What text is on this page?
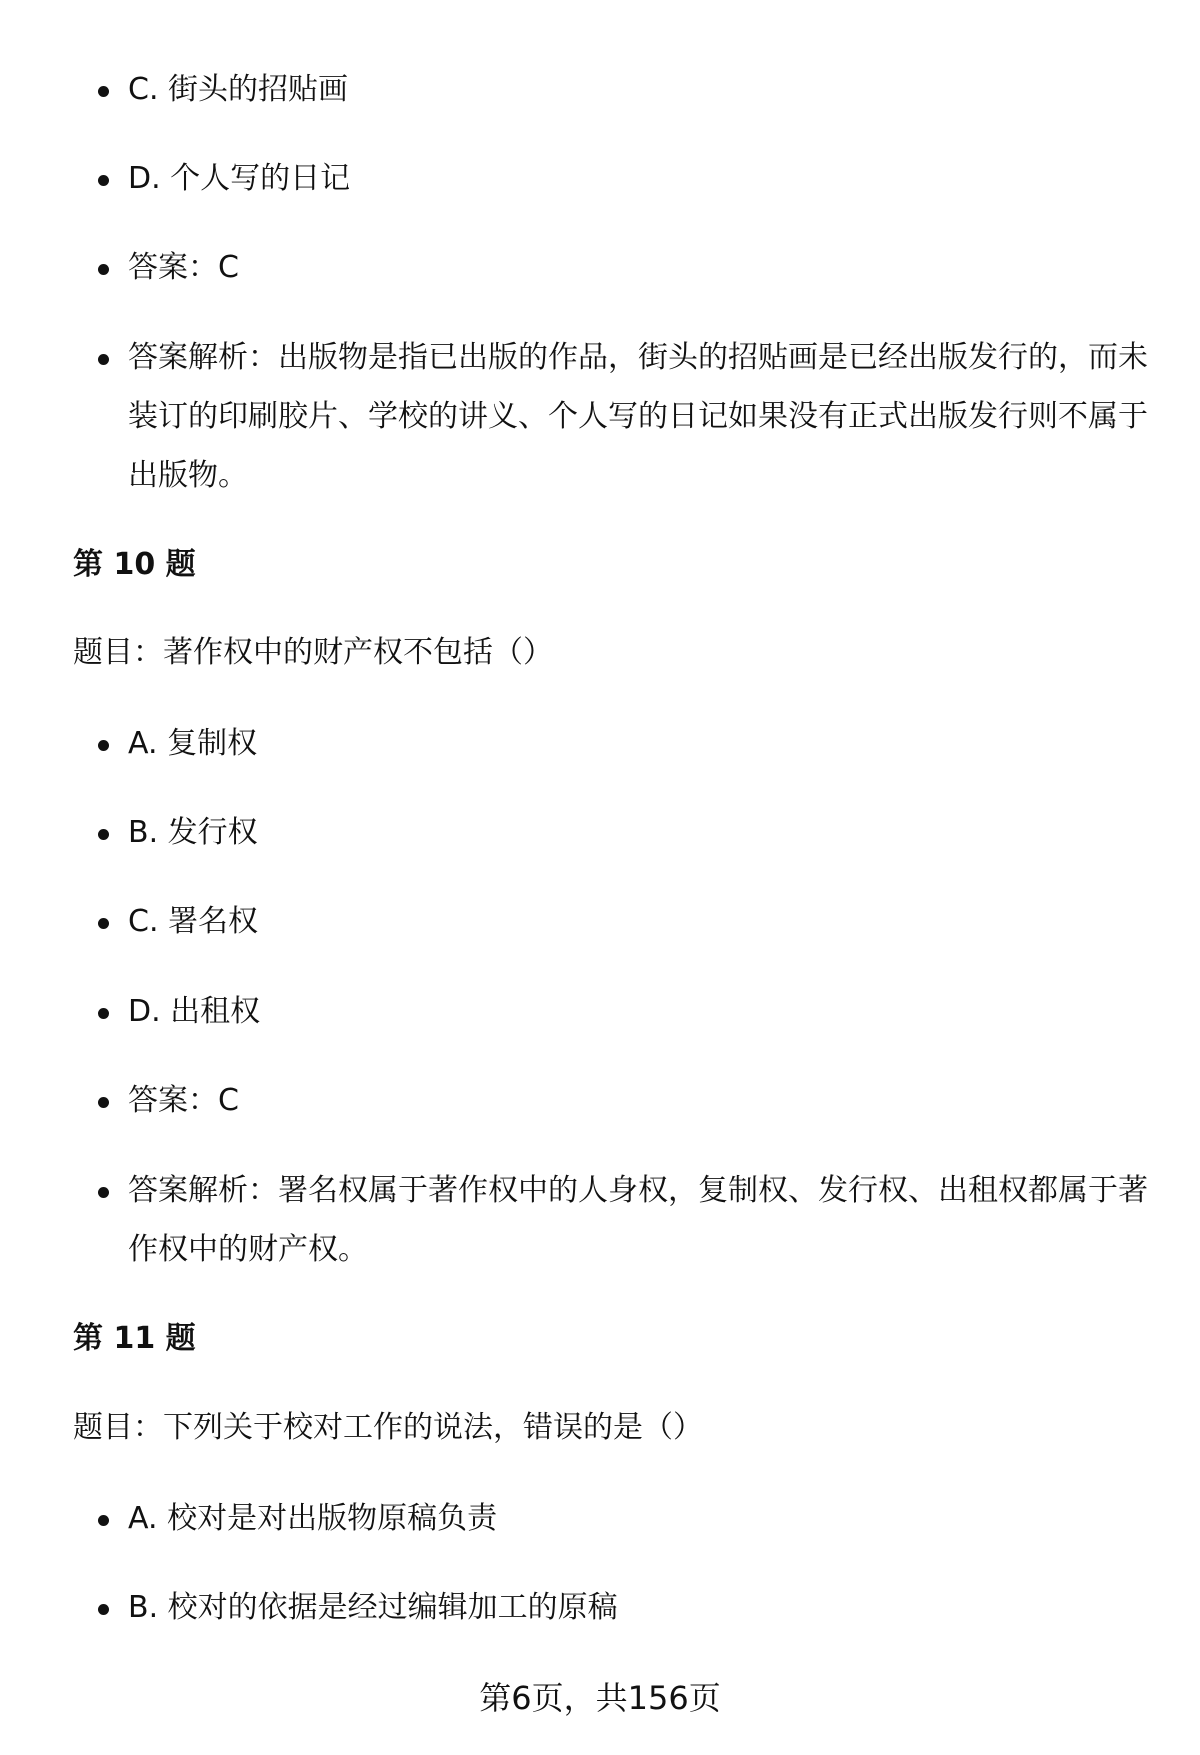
C. 街头的招贴画
D. 个人写的日记
答案：C
答案解析：出版物是指已出版的作品，街头的招贴画是已经出版发行的，而未装订的印刷胶片、学校的讲义、个人写的日记如果没有正式出版发行则不属于出版物。
第 10 题
题目：著作权中的财产权不包括（）
A. 复制权
B. 发行权
C. 署名权
D. 出租权
答案：C
答案解析：署名权属于著作权中的人身权，复制权、发行权、出租权都属于著作权中的财产权。
第 11 题
题目：下列关于校对工作的说法，错误的是（）
A. 校对是对出版物原稿负责
B. 校对的依据是经过编辑加工的原稿
第6页，共156页
